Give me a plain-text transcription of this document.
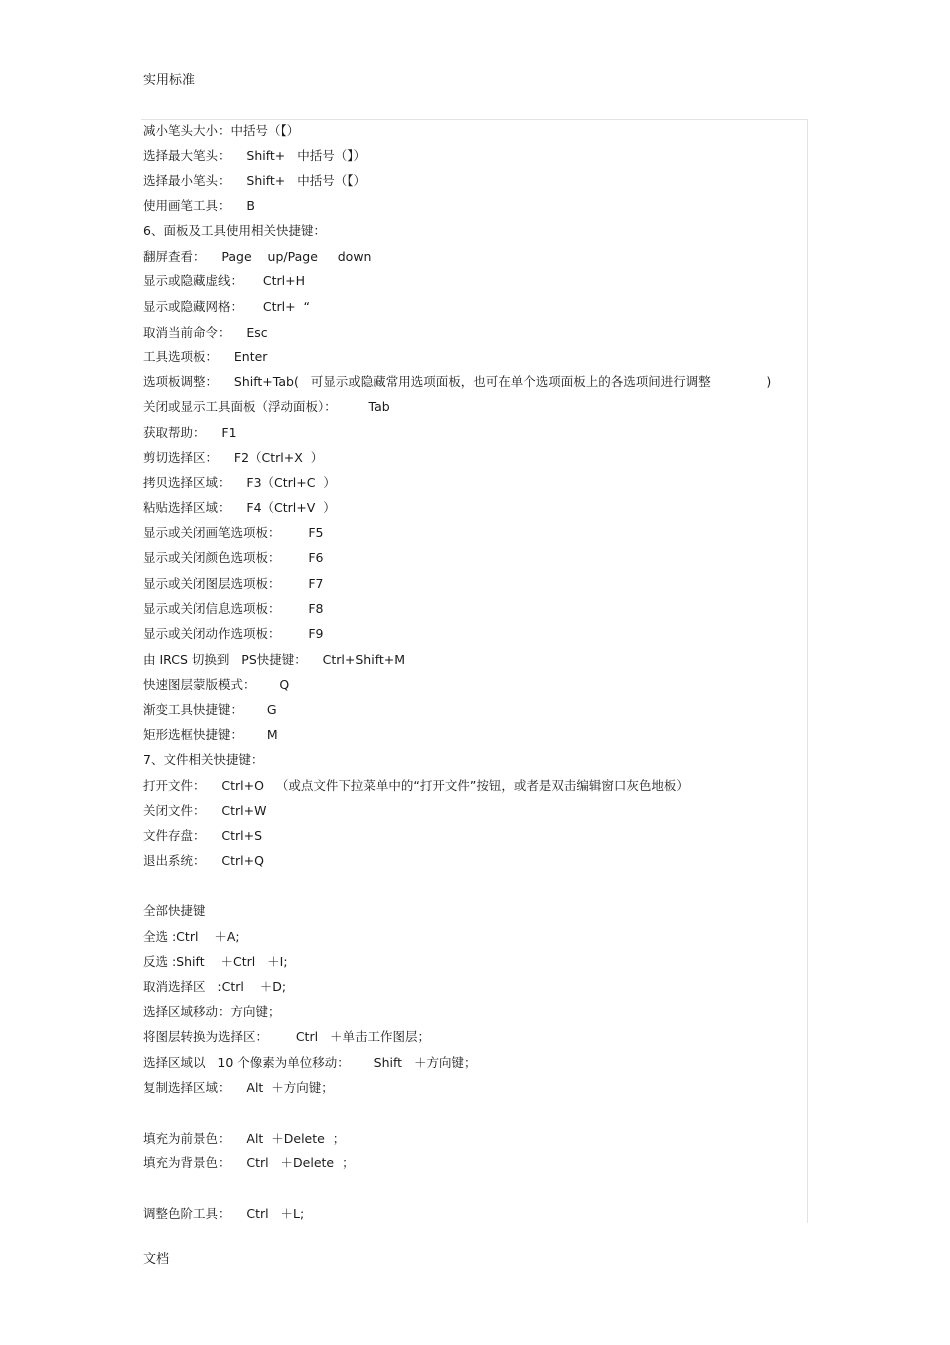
实用标准
减小笔头大小：中括号（【）
选择最大笔头：    Shift+   中括号（】）
选择最小笔头：    Shift+   中括号（【）
使用画笔工具：    B
6、面板及工具使用相关快捷键：
翻屏查看：    Page    up/Page     down
显示或隐藏虚线：     Ctrl+H
显示或隐藏网格：     Ctrl+  “
取消当前命令：    Esc
工具选项板：    Enter
选项板调整：    Shift+Tab(   可显示或隐藏常用选项面板，也可在单个选项面板上的各选项间进行调整              )
关闭或显示工具面板（浮动面板）：        Tab
获取帮助：    F1
剪切选择区：    F2（Ctrl+X  ）
拷贝选择区域：    F3（Ctrl+C  ）
粘贴选择区域：    F4（Ctrl+V  ）
显示或关闭画笔选项板：       F5
显示或关闭颜色选项板：       F6
显示或关闭图层选项板：       F7
显示或关闭信息选项板：       F8
显示或关闭动作选项板：       F9
由 IRCS 切换到   PS快捷键：    Ctrl+Shift+M
快速图层蒙版模式：      Q
渐变工具快捷键：      G
矩形选框快捷键：      M
7、文件相关快捷键：
打开文件：    Ctrl+O   （或点文件下拉菜单中的“打开文件”按钮，或者是双击编辑窗口灰色地板）
关闭文件：    Ctrl+W
文件存盘：    Ctrl+S
退出系统：    Ctrl+Q
全部快捷键
全选 :Ctrl    ＋A;
反选 :Shift    ＋Ctrl   ＋I;
取消选择区   :Ctrl    ＋D;
选择区域移动：方向键；
将图层转换为选择区：       Ctrl   ＋单击工作图层；
选择区域以   10 个像素为单位移动：      Shift   ＋方向键；
复制选择区域：    Alt  ＋方向键；
填充为前景色：    Alt  ＋Delete  ；
填充为背景色：    Ctrl   ＋Delete  ；
调整色阶工具：    Ctrl   ＋L;
文档
